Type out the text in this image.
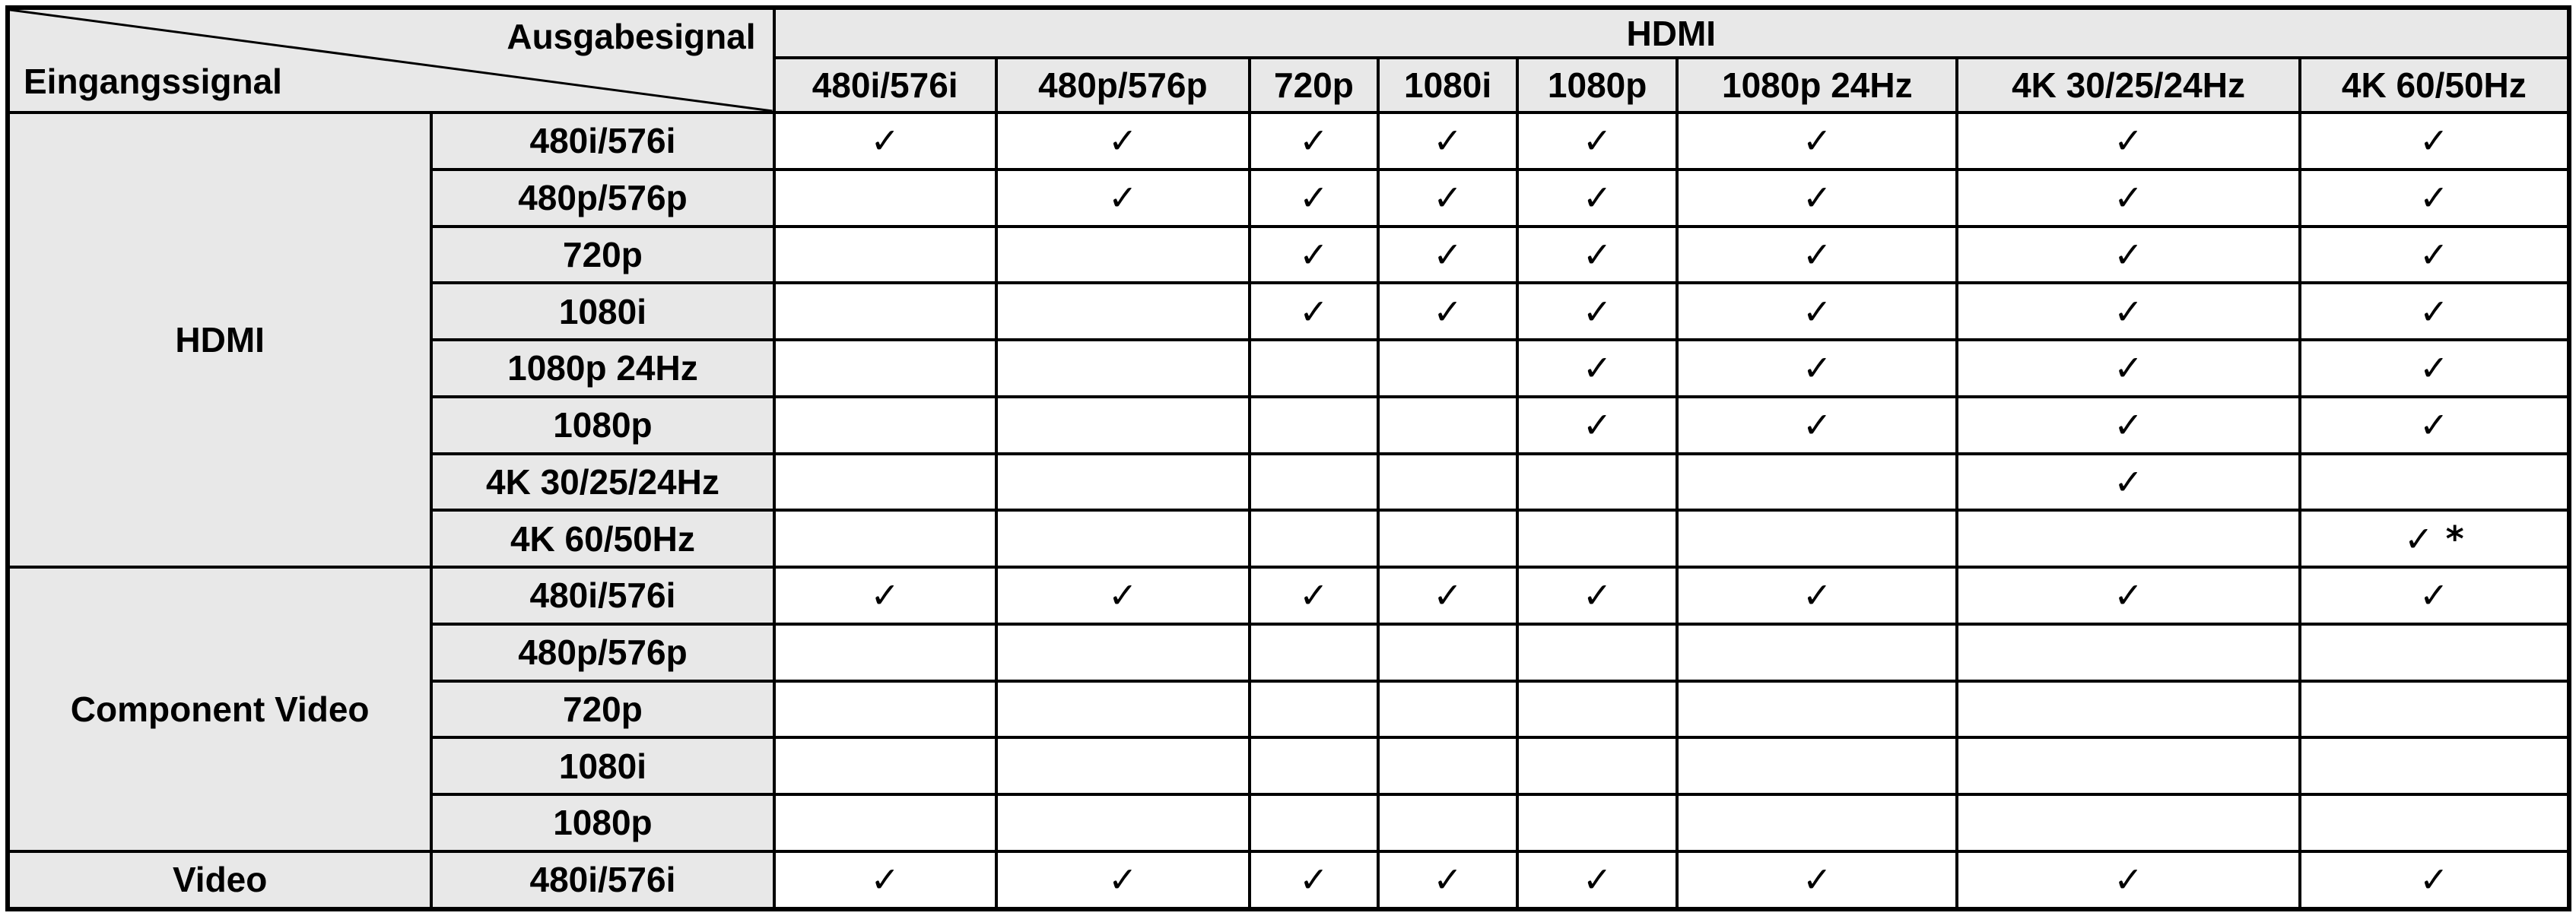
Ausgabesignal
Eingangssignal		HDMI							
		480i/576i	480p/576p	720p	1080i	1080p	1080p 24Hz	4K 30/25/24Hz	4K 60/50Hz
HDMI	480i/576i	✓	✓	✓	✓	✓	✓	✓	✓
	480p/576p		✓	✓	✓	✓	✓	✓	✓
	720p			✓	✓	✓	✓	✓	✓
	1080i			✓	✓	✓	✓	✓	✓
	1080p 24Hz					✓	✓	✓	✓
	1080p					✓	✓	✓	✓
	4K 30/25/24Hz							✓	
	4K 60/50Hz								✓ *
Component Video	480i/576i	✓	✓	✓	✓	✓	✓	✓	✓
	480p/576p								
	720p								
	1080i								
	1080p								
Video	480i/576i	✓	✓	✓	✓	✓	✓	✓	✓
